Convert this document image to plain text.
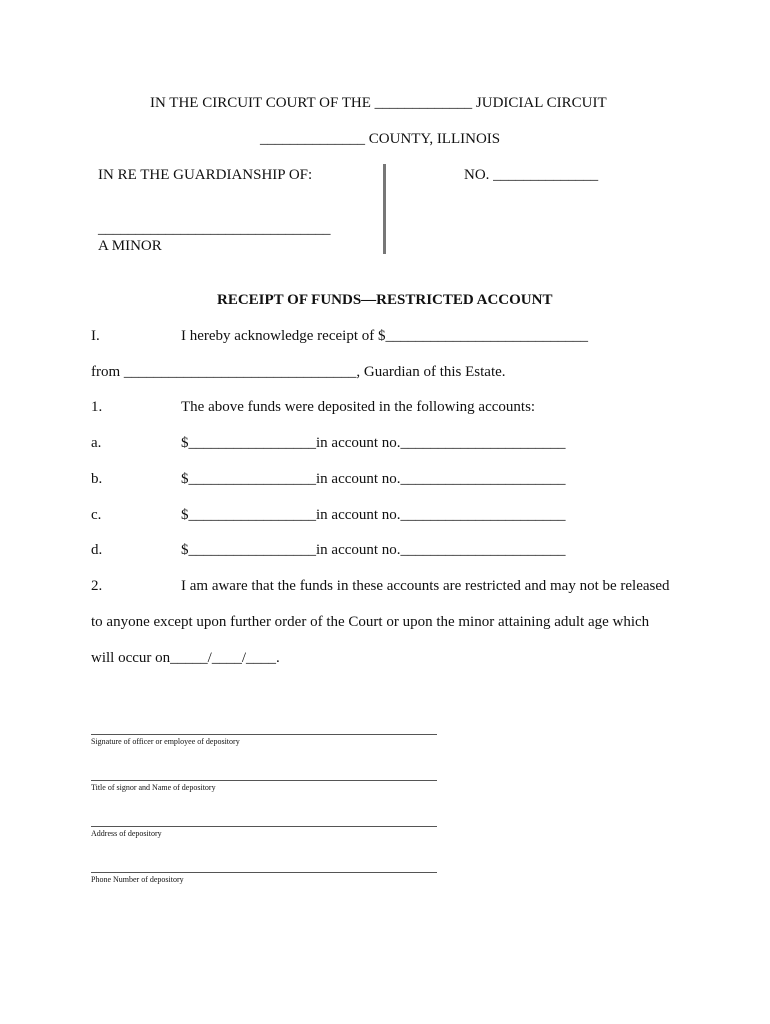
IN THE CIRCUIT COURT OF THE _____________ JUDICIAL CIRCUIT
______________ COUNTY, ILLINOIS
IN RE THE GUARDIANSHIP OF:	NO. ______________
_______________________________
A MINOR
RECEIPT OF FUNDS—RESTRICTED ACCOUNT
I.	I hereby acknowledge receipt of $___________________________
from _______________________________, Guardian of this Estate.
1.	The above funds were deposited in the following accounts:
a.	$_________________in account no.______________________
b.	$_________________in account no.______________________
c.	$_________________in account no.______________________
d.	$_________________in account no.______________________
2.	I am aware that the funds in these accounts are restricted and may not be released
to anyone except upon further order of the Court or upon the minor attaining adult age which
will occur on_____/____/____.
Signature of officer or employee of depository
Title of signor and Name of depository
Address of depository
Phone Number of depository
